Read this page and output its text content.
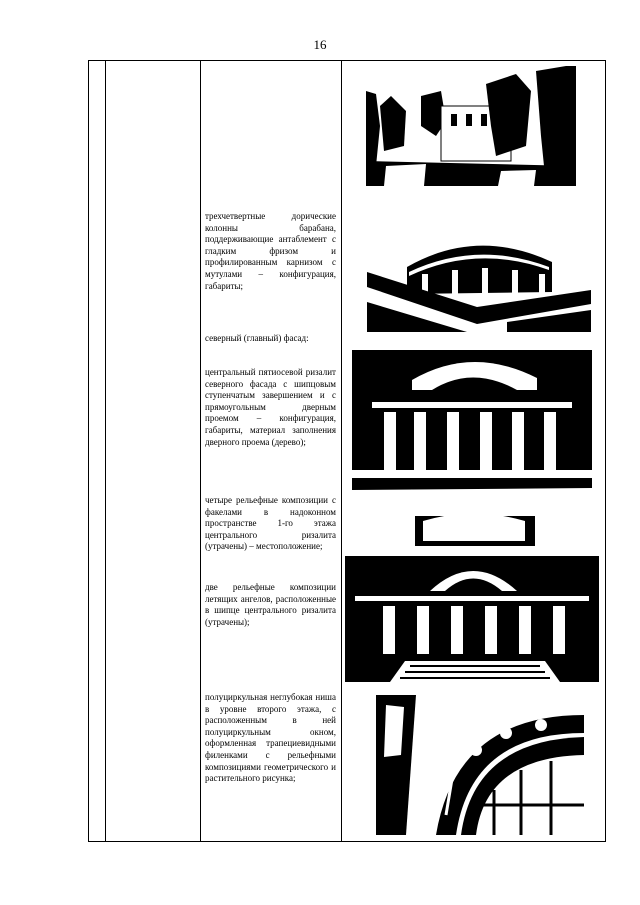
16
трехчетвертные дорические колонны барабана, поддерживающие антаблемент с гладким фризом и профилированным карнизом с мутулами – конфигурация, габариты;
северный (главный) фасад:
центральный пятиосевой ризалит северного фасада с шипцовым ступенчатым завершением и с прямоугольным дверным проемом – конфигурация, габариты, материал заполнения дверного проема (дерево);
четыре рельефные композиции с факелами в надоконном пространстве 1-го этажа центрального ризалита (утрачены) – местоположение;
две рельефные композиции летящих ангелов, расположенные в шипце центрального ризалита (утрачены);
полуциркульная неглубокая ниша в уровне второго этажа, с расположенным в ней полуциркульным окном, оформленная трапециевидными филенками с рельефными композициями геометрического и растительного рисунка;
